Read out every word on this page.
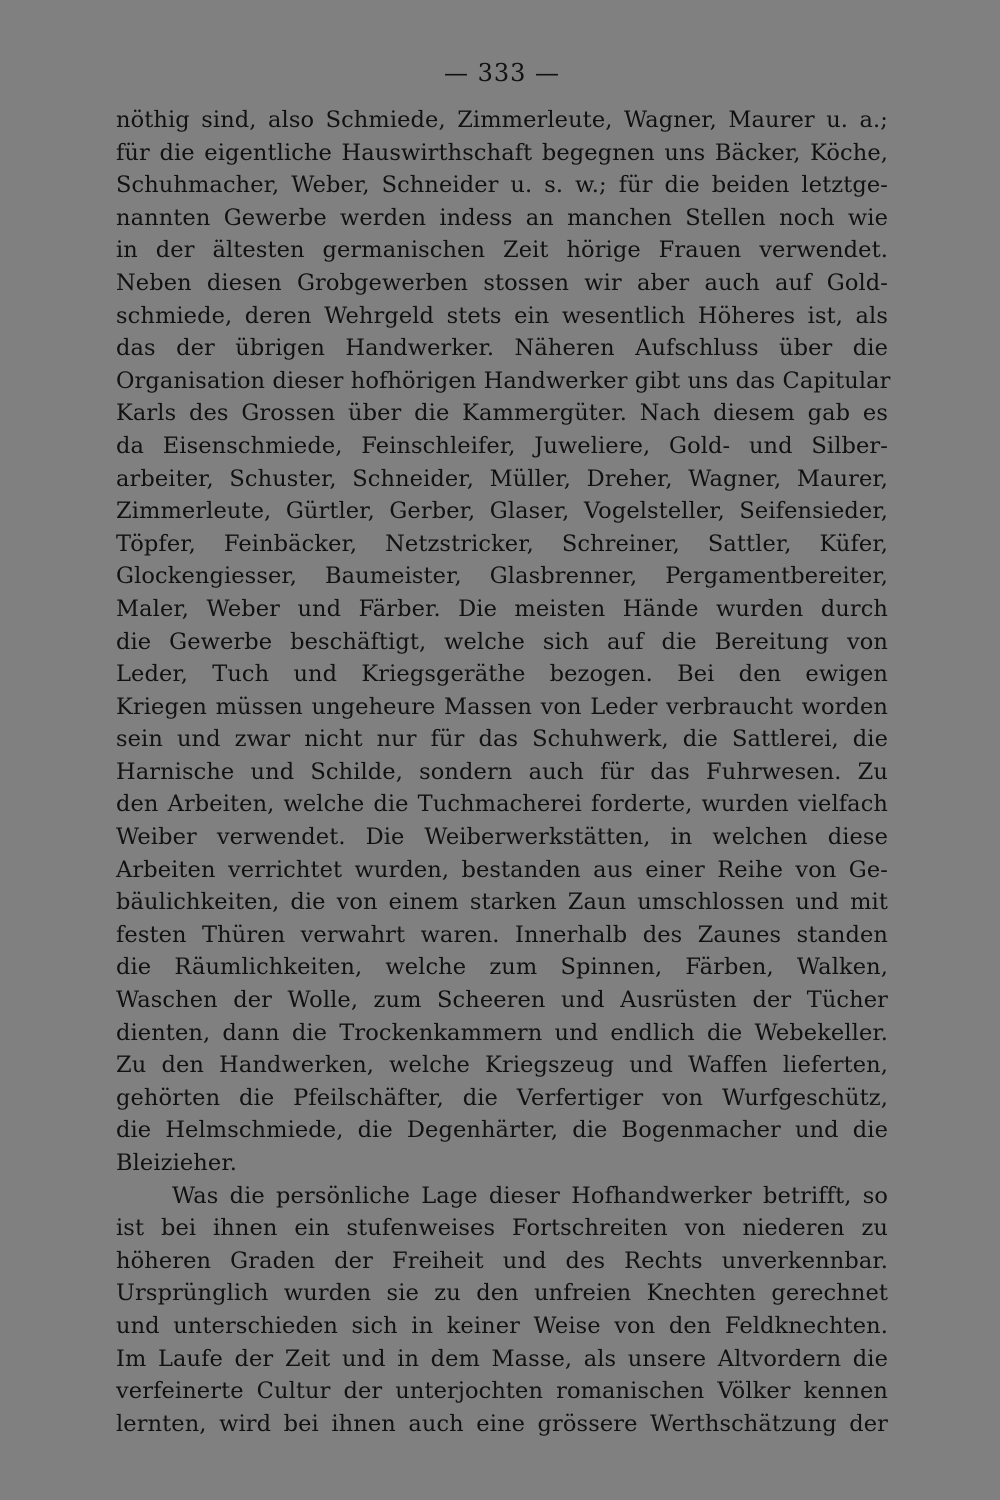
— 333 —
nöthig sind, also Schmiede, Zimmerleute, Wagner, Maurer u. a.;
für die eigentliche Hauswirthschaft begegnen uns Bäcker, Köche,
Schuhmacher, Weber, Schneider u. s. w.; für die beiden letztge-
nannten Gewerbe werden indess an manchen Stellen noch wie
in der ältesten germanischen Zeit hörige Frauen verwendet.
Neben diesen Grobgewerben stossen wir aber auch auf Gold-
schmiede, deren Wehrgeld stets ein wesentlich Höheres ist, als
das der übrigen Handwerker. Näheren Aufschluss über die
Organisation dieser hofhörigen Handwerker gibt uns das Capitular
Karls des Grossen über die Kammergüter. Nach diesem gab es
da Eisenschmiede, Feinschleifer, Juweliere, Gold- und Silber-
arbeiter, Schuster, Schneider, Müller, Dreher, Wagner, Maurer,
Zimmerleute, Gürtler, Gerber, Glaser, Vogelsteller, Seifensieder,
Töpfer, Feinbäcker, Netzstricker, Schreiner, Sattler, Küfer,
Glockengiesser, Baumeister, Glasbrenner, Pergamentbereiter,
Maler, Weber und Färber. Die meisten Hände wurden durch
die Gewerbe beschäftigt, welche sich auf die Bereitung von
Leder, Tuch und Kriegsgeräthe bezogen. Bei den ewigen
Kriegen müssen ungeheure Massen von Leder verbraucht worden
sein und zwar nicht nur für das Schuhwerk, die Sattlerei, die
Harnische und Schilde, sondern auch für das Fuhrwesen. Zu
den Arbeiten, welche die Tuchmacherei forderte, wurden vielfach
Weiber verwendet. Die Weiberwerkstätten, in welchen diese
Arbeiten verrichtet wurden, bestanden aus einer Reihe von Ge-
bäulichkeiten, die von einem starken Zaun umschlossen und mit
festen Thüren verwahrt waren. Innerhalb des Zaunes standen
die Räumlichkeiten, welche zum Spinnen, Färben, Walken,
Waschen der Wolle, zum Scheeren und Ausrüsten der Tücher
dienten, dann die Trockenkammern und endlich die Webekeller.
Zu den Handwerken, welche Kriegszeug und Waffen lieferten,
gehörten die Pfeilschäfter, die Verfertiger von Wurfgeschütz,
die Helmschmiede, die Degenhärter, die Bogenmacher und die
Bleizieher.
Was die persönliche Lage dieser Hofhandwerker betrifft, so
ist bei ihnen ein stufenweises Fortschreiten von niederen zu
höheren Graden der Freiheit und des Rechts unverkennbar.
Ursprünglich wurden sie zu den unfreien Knechten gerechnet
und unterschieden sich in keiner Weise von den Feldknechten.
Im Laufe der Zeit und in dem Masse, als unsere Altvordern die
verfeinerte Cultur der unterjochten romanischen Völker kennen
lernten, wird bei ihnen auch eine grössere Werthschätzung der
